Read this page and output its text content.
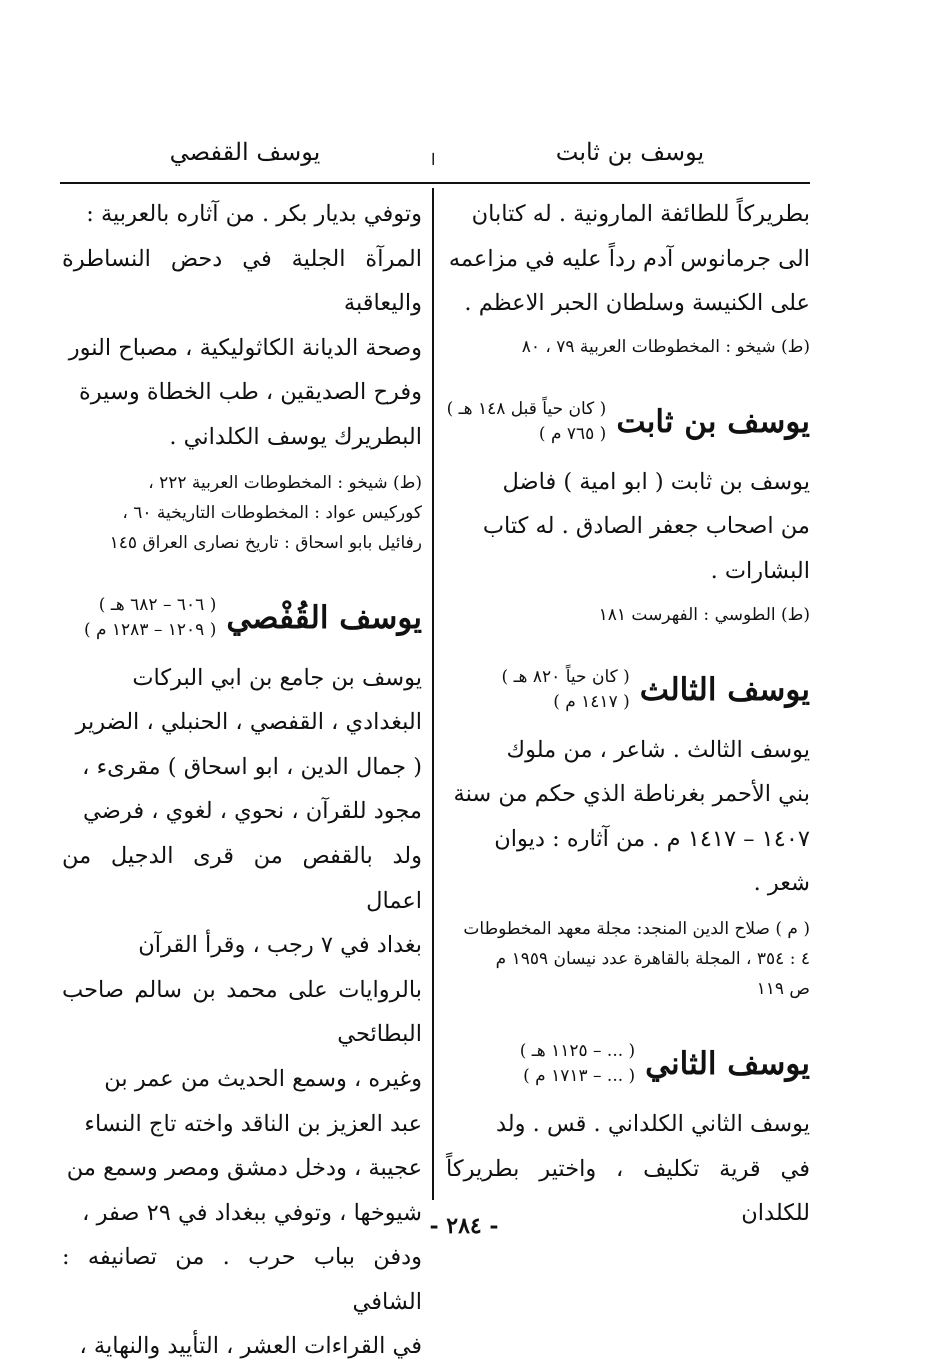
يوسف بن ثابت
ا
يوسف القفصي

بطريركاً للطائفة المارونية . له كتابان

الى جرمانوس آدم رداً عليه في مزاعمه

على الكنيسة وسلطان الحبر الاعظم .

(ط) شيخو : المخطوطات العربية ٧٩ ، ٨٠

يوسف بن ثابت
( كان حياً قبل ١٤٨ هـ )
( ٧٦٥ م )

يوسف بن ثابت ( ابو امية ) فاضل

من اصحاب جعفر الصادق . له كتاب

البشارات .

(ط) الطوسي : الفهرست ١٨١

يوسف الثالث
( كان حياً ٨٢٠ هـ )
( ١٤١٧ م )

يوسف الثالث . شاعر ، من ملوك

بني الأحمر بغرناطة الذي حكم من سنة

١٤٠٧ – ١٤١٧ م . من آثاره : ديوان

شعر .

( م ) صلاح الدين المنجد: مجلة معهد المخطوطات

٤ : ٣٥٤ ، المجلة بالقاهرة عدد نيسان ١٩٥٩ م

ص ١١٩

يوسف الثاني
( ... – ١١٢٥ هـ )
( ... – ١٧١٣ م )

يوسف الثاني الكلداني . قس . ولد

في قرية تكليف ، واختير بطريركاً للكلدان

وتوفي بديار بكر . من آثاره بالعربية :

المرآة الجلية في دحض النساطرة واليعاقبة

وصحة الديانة الكاثوليكية ، مصباح النور

وفرح الصديقين ، طب الخطاة وسيرة

البطريرك يوسف الكلداني .

(ط) شيخو : المخطوطات العربية ٢٢٢ ،

كوركيس عواد : المخطوطات التاريخية ٦٠ ،

رفائيل بابو اسحاق : تاريخ نصارى العراق ١٤٥

يوسف القُفْصي
( ٦٠٦ – ٦٨٢ هـ )
( ١٢٠٩ – ١٢٨٣ م )

يوسف بن جامع بن ابي البركات

البغدادي ، القفصي ، الحنبلي ، الضرير

( جمال الدين ، ابو اسحاق ) مقرىء ،

مجود للقرآن ، نحوي ، لغوي ، فرضي

ولد بالقفص من قرى الدجيل من اعمال

بغداد في ٧ رجب ، وقرأ القرآن

بالروايات على محمد بن سالم صاحب البطائحي

وغيره ، وسمع الحديث من عمر بن

عبد العزيز بن الناقد واخته تاج النساء

عجيبة ، ودخل دمشق ومصر وسمع من

شيوخها ، وتوفي ببغداد في ٢٩ صفر ،

ودفن بباب حرب . من تصانيفه : الشافي

في القراءات العشر ، التأييد والنهاية ،

- ٢٨٤ -
